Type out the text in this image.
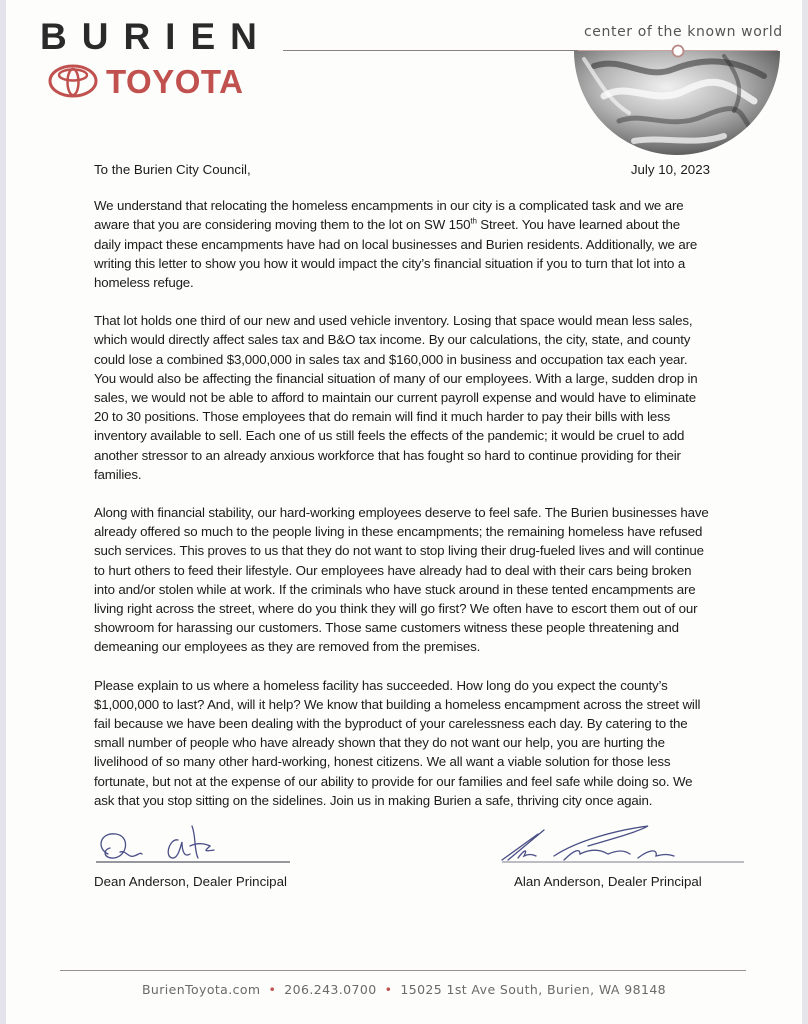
BURIEN
TOYOTA
center of the known world
To the Burien City Council,	July 10, 2023

We understand that relocating the homeless encampments in our city is a complicated task and we are aware that you are considering moving them to the lot on SW 150th Street. You have learned about the daily impact these encampments have had on local businesses and Burien residents. Additionally, we are writing this letter to show you how it would impact the city’s financial situation if you to turn that lot into a homeless refuge.

That lot holds one third of our new and used vehicle inventory. Losing that space would mean less sales, which would directly affect sales tax and B&O tax income. By our calculations, the city, state, and county could lose a combined $3,000,000 in sales tax and $160,000 in business and occupation tax each year. You would also be affecting the financial situation of many of our employees. With a large, sudden drop in sales, we would not be able to afford to maintain our current payroll expense and would have to eliminate 20 to 30 positions. Those employees that do remain will find it much harder to pay their bills with less inventory available to sell. Each one of us still feels the effects of the pandemic; it would be cruel to add another stressor to an already anxious workforce that has fought so hard to continue providing for their families.

Along with financial stability, our hard-working employees deserve to feel safe. The Burien businesses have already offered so much to the people living in these encampments; the remaining homeless have refused such services. This proves to us that they do not want to stop living their drug-fueled lives and will continue to hurt others to feed their lifestyle. Our employees have already had to deal with their cars being broken into and/or stolen while at work. If the criminals who have stuck around in these tented encampments are living right across the street, where do you think they will go first? We often have to escort them out of our showroom for harassing our customers. Those same customers witness these people threatening and demeaning our employees as they are removed from the premises.

Please explain to us where a homeless facility has succeeded. How long do you expect the county’s $1,000,000 to last? And, will it help? We know that building a homeless encampment across the street will fail because we have been dealing with the byproduct of your carelessness each day. By catering to the small number of people who have already shown that they do not want our help, you are hurting the livelihood of so many other hard-working, honest citizens. We all want a viable solution for those less fortunate, but not at the expense of our ability to provide for our families and feel safe while doing so. We ask that you stop sitting on the sidelines. Join us in making Burien a safe, thriving city once again.

Dean Anderson, Dealer Principal	Alan Anderson, Dealer Principal
BurienToyota.com • 206.243.0700 • 15025 1st Ave South, Burien, WA 98148
